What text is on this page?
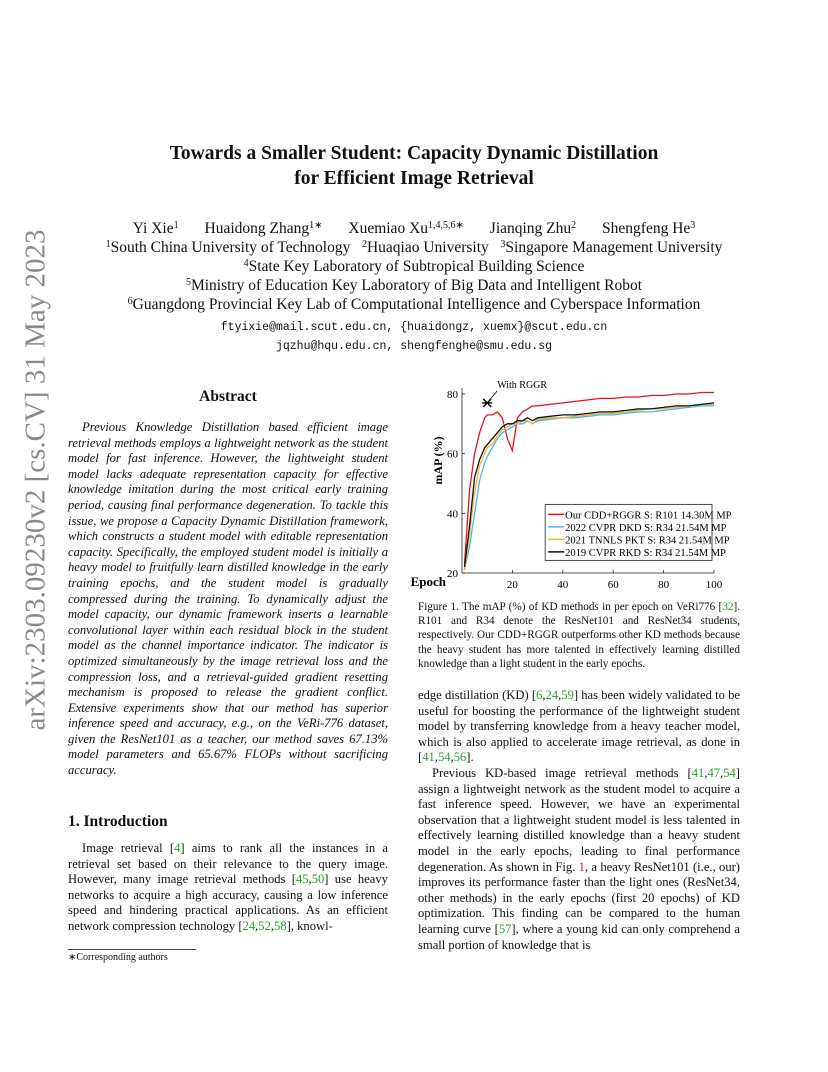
arXiv:2303.09230v2 [cs.CV] 31 May 2023
Towards a Smaller Student: Capacity Dynamic Distillation
for Efficient Image Retrieval
Yi Xie$^1$ Huaidong Zhang$^{1∗}$ Xuemiao $Xu^{1,4,5,6∗}$ Jianqing Zhu$^2$ Shengfeng He$^3$
$^1$South China University of Technology $^2$Huaqiao University $^3$Singapore Management University
$^4$State Key Laboratory of Subtropical Building Science
$^5$Ministry of Education Key Laboratory of Big Data and Intelligent Robot
$^6$Guangdong Provincial Key Lab of Computational Intelligence and Cyberspace Information
ftyixie@mail.scut.edu.cn, {huaidongz, xuemx}@scut.edu.cn
jqzhu@hqu.edu.cn, shengfenghe@smu.edu.sg
Abstract

Previous Knowledge Distillation based efficient image retrieval methods employs a lightweight network as the student model for fast inference. However, the lightweight student model lacks adequate representation capacity for effective knowledge imitation during the most critical early training period, causing final performance degeneration. To tackle this issue, we propose a Capacity Dynamic Distillation framework, which constructs a student model with editable representation capacity. Specifically, the employed student model is initially a heavy model to fruitfully learn distilled knowledge in the early training epochs, and the student model is gradually compressed during the training. To dynamically adjust the model capacity, our dynamic framework inserts a learnable convolutional layer within each residual block in the student model as the channel importance indicator. The indicator is optimized simultaneously by the image retrieval loss and the compression loss, and a retrieval-guided gradient resetting mechanism is proposed to release the gradient conflict. Extensive experiments show that our method has superior inference speed and accuracy, e.g., on the VeRi-776 dataset, given the ResNet101 as a teacher, our method saves 67.13% model parameters and 65.67% FLOPs without sacrificing accuracy.

1. Introduction

Image retrieval [4] aims to rank all the instances in a retrieval set based on their relevance to the query image. However, many image retrieval methods [45,50] use heavy networks to acquire a high accuracy, causing a low inference speed and hindering practical applications. As an efficient network compression technology [24,52,58], knowl-

∗Corresponding authors
20
40
60
80
20	40	60	80	100
Epoch
mAP (%)
With RGGR
Our CDD+RGGR S: R101 14.30M MP
2022 CVPR DKD S: R34 21.54M MP
2021 TNNLS PKT S: R34 21.54M MP
2019 CVPR RKD S: R34 21.54M MP
Figure 1. The mAP (%) of KD methods in per epoch on VeRi776 [32]. R101 and R34 denote the ResNet101 and ResNet34 students, respectively. Our CDD+RGGR outperforms other KD methods because the heavy student has more talented in effectively learning distilled knowledge than a light student in the early epochs.

edge distillation (KD) [6,24,59] has been widely validated to be useful for boosting the performance of the lightweight student model by transferring knowledge from a heavy teacher model, which is also applied to accelerate image retrieval, as done in [41,54,56].

Previous KD-based image retrieval methods [41,47,54] assign a lightweight network as the student model to acquire a fast inference speed. However, we have an experimental observation that a lightweight student model is less talented in effectively learning distilled knowledge than a heavy student model in the early epochs, leading to final performance degeneration. As shown in Fig. 1, a heavy ResNet101 (i.e., our) improves its performance faster than the light ones (ResNet34, other methods) in the early epochs (first 20 epochs) of KD optimization. This finding can be compared to the human learning curve [57], where a young kid can only comprehend a small portion of knowledge that is
